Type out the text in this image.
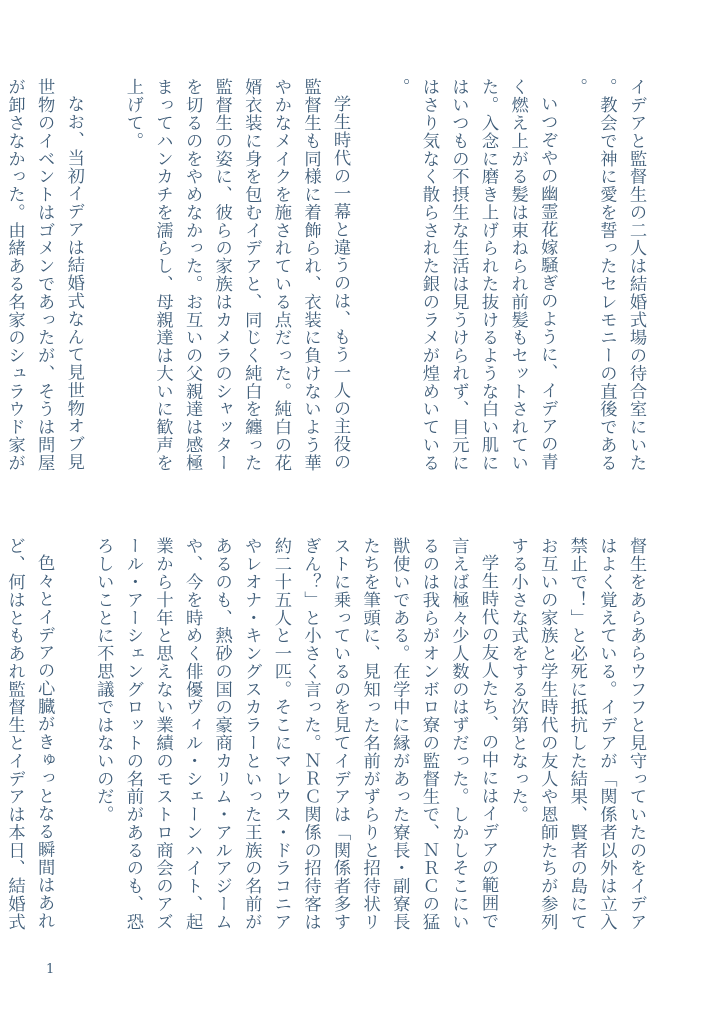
イデアと監督生の二人は結婚式場の待合室にいた。教会で神に愛を誓ったセレモニーの直後である。

いつぞやの幽霊花嫁騒ぎのように、イデアの青く燃え上がる髪は束ねられ前髪もセットされていた。入念に磨き上げられた抜けるような白い肌にはいつもの不摂生な生活は見うけられず、目元にはさり気なく散らされた銀のラメが煌めいている。

学生時代の一幕と違うのは、もう一人の主役の監督生も同様に着飾られ、衣装に負けないよう華やかなメイクを施されている点だった。純白の花婿衣装に身を包むイデアと、同じく純白を纏った監督生の姿に、彼らの家族はカメラのシャッターを切るのをやめなかった。お互いの父親達は感極まってハンカチを濡らし、母親達は大いに歓声を上げて。

なお、当初イデアは結婚式なんて見世物オブ見世物のイベントはゴメンであったが、そうは問屋が卸さなかった。由緒ある名家のシュラウド家が

督生をあらあらウフフと見守っていたのをイデアはよく覚えている。イデアが「関係者以外は立入禁止で！」と必死に抵抗した結果、賢者の島にてお互いの家族と学生時代の友人や恩師たちが参列する小さな式をする次第となった。

学生時代の友人たち、の中にはイデアの範囲で言えば極々少人数のはずだった。しかしそこにいるのは我らがオンボロ寮の監督生で、ＮＲＣの猛獣使いである。在学中に縁があった寮長・副寮長たちを筆頭に、見知った名前がずらりと招待状リストに乗っているのを見てイデアは「関係者多すぎん？」と小さく言った。ＮＲＣ関係の招待客は約二十五人と一匹。そこにマレウス・ドラコニアやレオナ・キングスカラーといった王族の名前があるのも、熱砂の国の豪商カリム・アルアジームや、今を時めく俳優ヴィル・シェーンハイト、起業から十年と思えない業績のモストロ商会のアズール・アーシェングロットの名前があるのも、恐ろしいことに不思議ではないのだ。

色々とイデアの心臓がきゅっとなる瞬間はあれど、何はともあれ監督生とイデアは本日、結婚式

1
